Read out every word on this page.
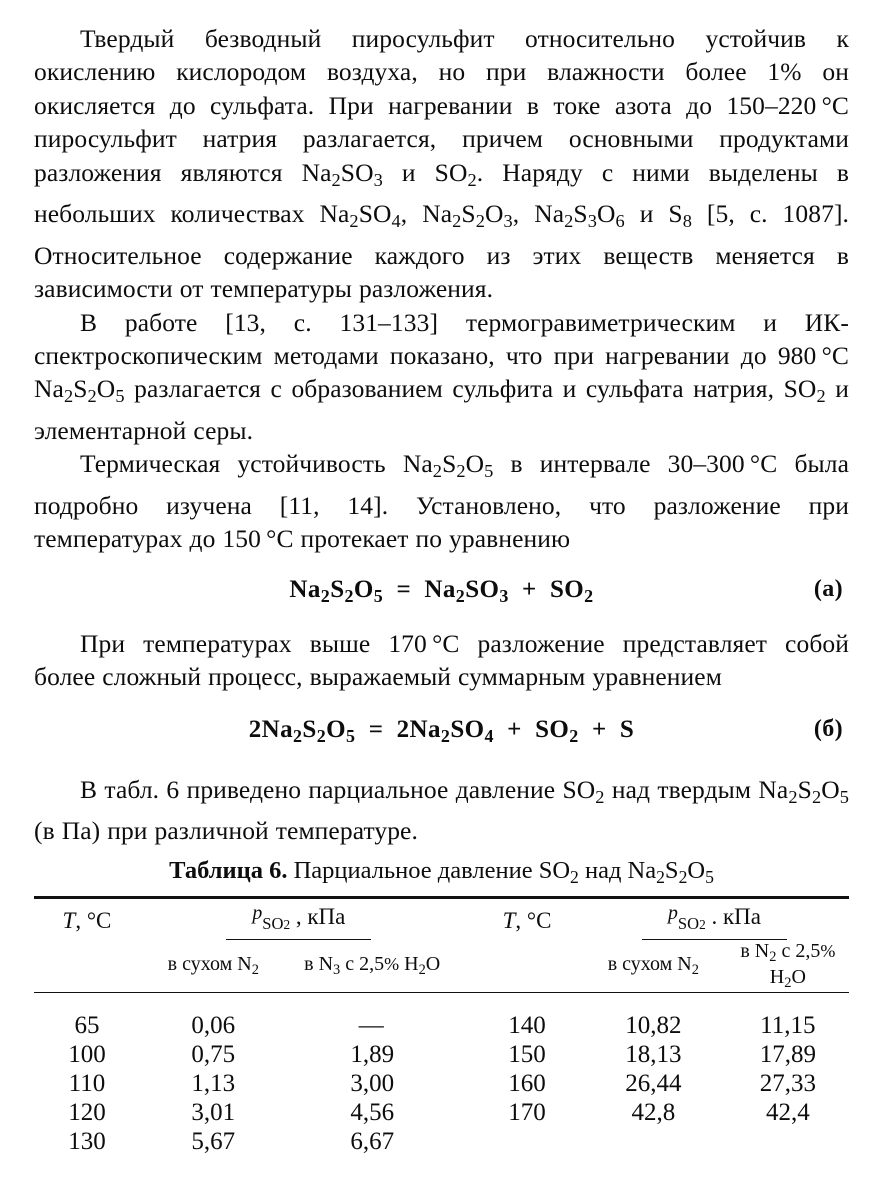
Твердый безводный пиросульфит относительно устойчив к окислению кислородом воздуха, но при влажности более 1% он окисляется до сульфата. При нагревании в токе азота до 150–220 °C пиросульфит натрия разлагается, причем основными продуктами разложения являются $Na_2SO_3$ и $SO_2$. Наряду с ними выделены в небольших количествах $Na_2SO_4$, $Na_2S_2O_3$, $Na_2S_3O_6$ и $S_8$ [5, с. 1087]. Относительное содержание каждого из этих веществ меняется в зависимости от температуры разложения.

В работе [13, с. 131–133] термогравиметрическим и ИК-спектроскопическим методами показано, что при нагревании до 980 °C $Na_2S_2O_5$ разлагается с образованием сульфита и сульфата натрия, $SO_2$ и элементарной серы.

Термическая устойчивость $Na_2S_2O_5$ в интервале 30–300 °C была подробно изучена [11, 14]. Установлено, что разложение при температурах до 150 °C протекает по уравнению

$Na_2S_2O_5 = Na_2SO_3 + SO_2$	(а)

При температурах выше 170 °C разложение представляет собой более сложный процесс, выражаемый суммарным уравнением

$2Na_2S_2O_5 = 2Na_2SO_4 + SO_2 + S$	(б)

В табл. 6 приведено парциальное давление $SO_2$ над твердым $Na_2S_2O_5$ (в Па) при различной температуре.

Таблица 6. Парциальное давление $SO_2$ над $Na_2S_2O_5$

T, °C	$p_{SO2}$ , кПа			T, °C	$p_{SO2}$ . кПа	
	в сухом $N_2$	в $N_3$ с 2,5% $H_2O$			в сухом $N_2$	в $N_2$ с 2,5% $H_2O$

65	0,06	—		140	10,82	11,15
100	0,75	1,89		150	18,13	17,89
110	1,13	3,00		160	26,44	27,33
120	3,01	4,56		170	42,8	42,4
130	5,67	6,67				
